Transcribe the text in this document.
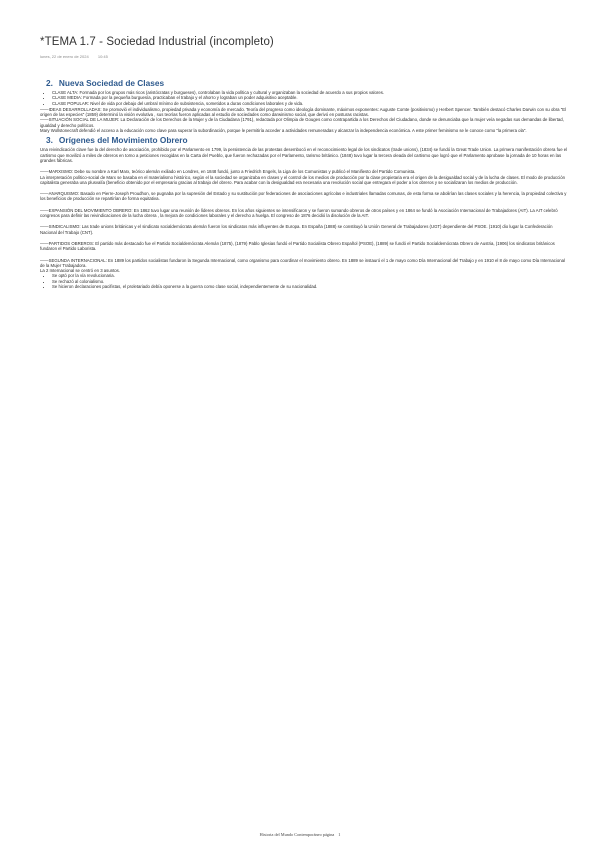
*TEMA 1.7 - Sociedad Industrial (incompleto)
lunes, 22 de enero de 2024 10:45
2. Nueva Sociedad de Clases
• CLASE ALTA: Formada por los grupos más ricos (aristócratas y burgueses), controlaban la vida política y cultural y organizaban la sociedad de acuerdo a sus propios valores.
• CLASE MEDIA: Formada por la pequeña burguesía, practicaban el trabajo y el ahorro y lograban un poder adquisitivo aceptable.
• CLASE POPULAR: Nivel de vida por debajo del umbral mínimo de subsistencia, sometidos a duras condiciones laborales y de vida.

——IDEAS DESARROLLADAS: Se promovió el individualismo, propiedad privada y economía de mercado. Teoría del progreso como ideología dominante, máximos exponentes: Auguste Comte (positivismo) y Herbert Spencer. También destacó Charles Darwin con su obra "El origen de las especies" (1859) determinó la visión evolutiva , sus teorías fueron aplicadas al estudio de sociedades como darwinismo social, que derivó en posturas racistas.

——SITUACIÓN SOCIAL DE LA MUJER: La Declaración de los Derechos de la Mujer y de la Ciudadana (1791), redactada por Olimpia de Gouges como contrapartida a los Derechos del Ciudadano, donde se denunciaba que la mujer veía negadas sus demandas de libertad, igualdad y derecho políticos.

Mary Wollstonecraft defendió el acceso a la educación como clave para superar la subordinación, porque le permitiría acceder a actividades remuneradas y alcanzar la independencia económica. A este primer feminismo se le conoce como "la primera ola".

3. Orígenes del Movimiento Obrero

Una reivindicación clave fue la del derecho de asociación, prohibido por el Parlamento en 1799, la persistencia de las protestas desembocó en el reconocimiento legal de los sindicatos (trade unions), (1834) se fundó la Great Trade Union. La primera manifestación obrera fue el cartismo que movilizó a miles de obreros en torno a peticiones recogidas en la Carta del Pueblo, que fueron rechazadas por el Parlamento, tarismo británico. (1848) tuvo lugar la tercera oleada del cartismo que logró que el Parlamento aprobase la jornada de 10 horas en las grandes fábricas.

——MARXISMO: Debe su nombre a Karl Marx, teórico alemán exiliado en Londres, en 1848 fundó, junto a Friedrich Engels, la Liga de los Comunistas y publicó el Manifiesto del Partido Comunista.

La interpretación político-social de Marx se basaba en el materialismo histórico, según el la sociedad se organizaba en clases y el control de los medios de producción por la clase propietaria era el origen de la desigualdad social y de la lucha de clases. El modo de producción capitalista generaba una plusvalía (beneficio obtenido por el empresario gracias al trabajo del obrero. Para acabar con la desigualdad era necesaria una revolución social que entregara el poder a los obreros y se socializaran los medios de producción.

——ANARQUISMO: Basado en Pierre-Joseph Proudhon, se pugnaba por la supresión del Estado y su sustitución por federaciones de asociaciones agrícolas e industriales llamadas comunas, de esta forma se abolirían las clases sociales y la herencia, la propiedad colectiva y los beneficios de producción se repartirían de forma equitativa.

——EXPANSIÓN DEL MOVIMIENTO OBRERO: En 1862 tuvo lugar una reunión de líderes obreros. En los años siguientes se intensificaron y se fueron sumando obreros de otros países y en 1864 se fundó la Asociación Internacional de Trabajadores (AIT). La AIT celebró congresos para definir las reivindicaciones de la lucha obrera , la mejora de condiciones laborales y el derecho a huelga. El congreso de 1876 decidió la disolución de la AIT.

——SINDICALISMO: Las trade unions británicas y el sindicato socialdemócrata alemán fueron los sindicatos más influyentes de Europa. En España (1888) se constituyó la Unión General de Trabajadores (UGT) dependiente del PSOE. (1910) dio lugar la Confederación Nacional del Trabajo (CNT).

——PARTIDOS OBREROS: El partido más destacado fue el Partido Socialdemócrata Alemán (1875), (1879) Pablo Iglesias fundó el Partido Socialista Obrero Español (PSOE), (1889) se fundó el Partido Socialdemócrata Obrero de Austria, (1906) los sindicatos británicos fundaron el Partido Laborista.

——SEGUNDA INTERNACIONAL: En 1889 los partidos socialistas fundaron la Segunda Internacional, como organismo para coordinar el movimiento obrero. En 1889 se instauró el 1 de mayo como Día Internacional del Trabajo y en 1910 el 8 de mayo como Día Internacional de la Mujer Trabajadora.

La 2 Internacional se centró en 3 asuntos.

• Se optó por la vía revolucionaria.
• Se rechazó al colonialismo.
• Se hicieron declaraciones pacifistas, el proletariado debía oponerse a la guerra como clase social, independientemente de su nacionalidad.
Historia del Mundo Contemporáneo página 1
